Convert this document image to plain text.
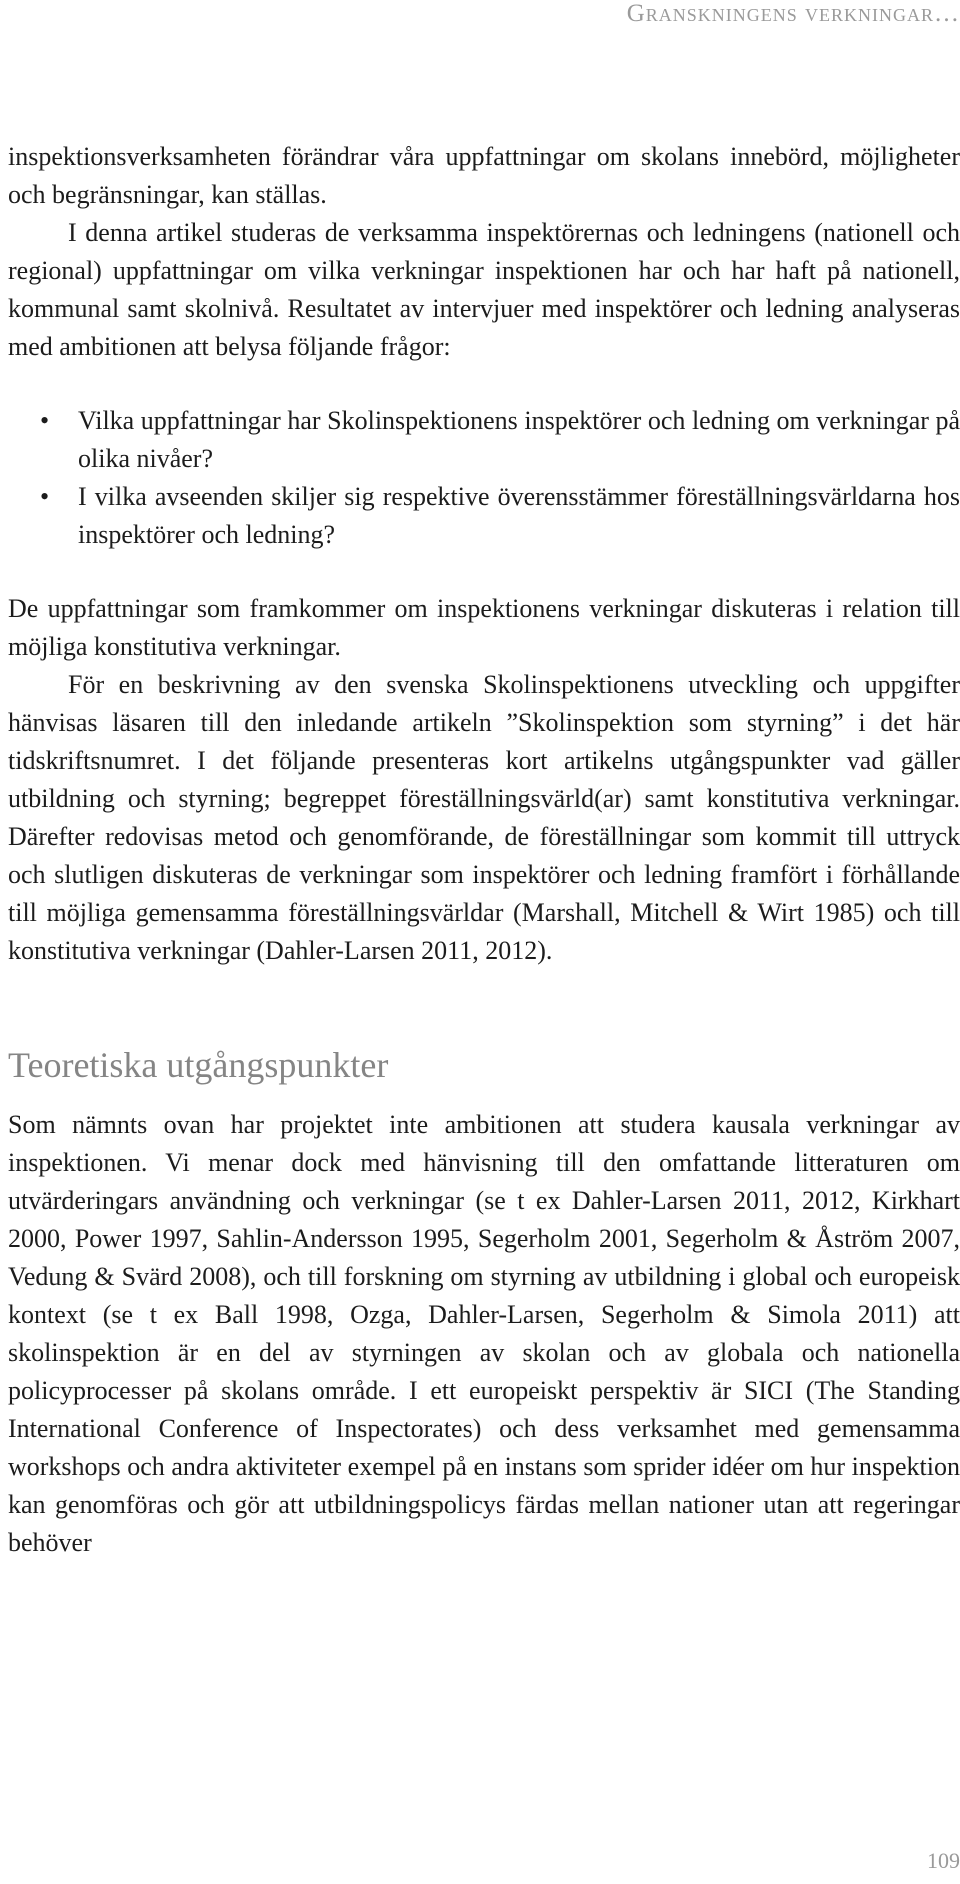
Granskningens verkningar…

inspektionsverksamheten förändrar våra uppfattningar om skolans innebörd, möjligheter och begränsningar, kan ställas.

I denna artikel studeras de verksamma inspektörernas och ledningens (nationell och regional) uppfattningar om vilka verkningar inspektionen har och har haft på nationell, kommunal samt skolnivå. Resultatet av intervjuer med inspektörer och ledning analyseras med ambitionen att belysa följande frågor:

• Vilka uppfattningar har Skolinspektionens inspektörer och ledning om verkningar på olika nivåer?
• I vilka avseenden skiljer sig respektive överensstämmer föreställningsvärldarna hos inspektörer och ledning?

De uppfattningar som framkommer om inspektionens verkningar diskuteras i relation till möjliga konstitutiva verkningar.

För en beskrivning av den svenska Skolinspektionens utveckling och uppgifter hänvisas läsaren till den inledande artikeln ”Skolinspektion som styrning” i det här tidskriftsnumret. I det följande presenteras kort artikelns utgångspunkter vad gäller utbildning och styrning; begreppet föreställningsvärld(ar) samt konstitutiva verkningar. Därefter redovisas metod och genomförande, de föreställningar som kommit till uttryck och slutligen diskuteras de verkningar som inspektörer och ledning framfört i förhållande till möjliga gemensamma föreställningsvärldar (Marshall, Mitchell & Wirt 1985) och till konstitutiva verkningar (Dahler-Larsen 2011, 2012).

Teoretiska utgångspunkter

Som nämnts ovan har projektet inte ambitionen att studera kausala verkningar av inspektionen. Vi menar dock med hänvisning till den omfattande litteraturen om utvärderingars användning och verkningar (se t ex Dahler-Larsen 2011, 2012, Kirkhart 2000, Power 1997, Sahlin-Andersson 1995, Segerholm 2001, Segerholm & Åström 2007, Vedung & Svärd 2008), och till forskning om styrning av utbildning i global och europeisk kontext (se t ex Ball 1998, Ozga, Dahler-Larsen, Segerholm & Simola 2011) att skolinspektion är en del av styrningen av skolan och av globala och nationella policyprocesser på skolans område. I ett europeiskt perspektiv är SICI (The Standing International Conference of Inspectorates) och dess verksamhet med gemensamma workshops och andra aktiviteter exempel på en instans som sprider idéer om hur inspektion kan genomföras och gör att utbildningspolicys färdas mellan nationer utan att regeringar behöver

109
